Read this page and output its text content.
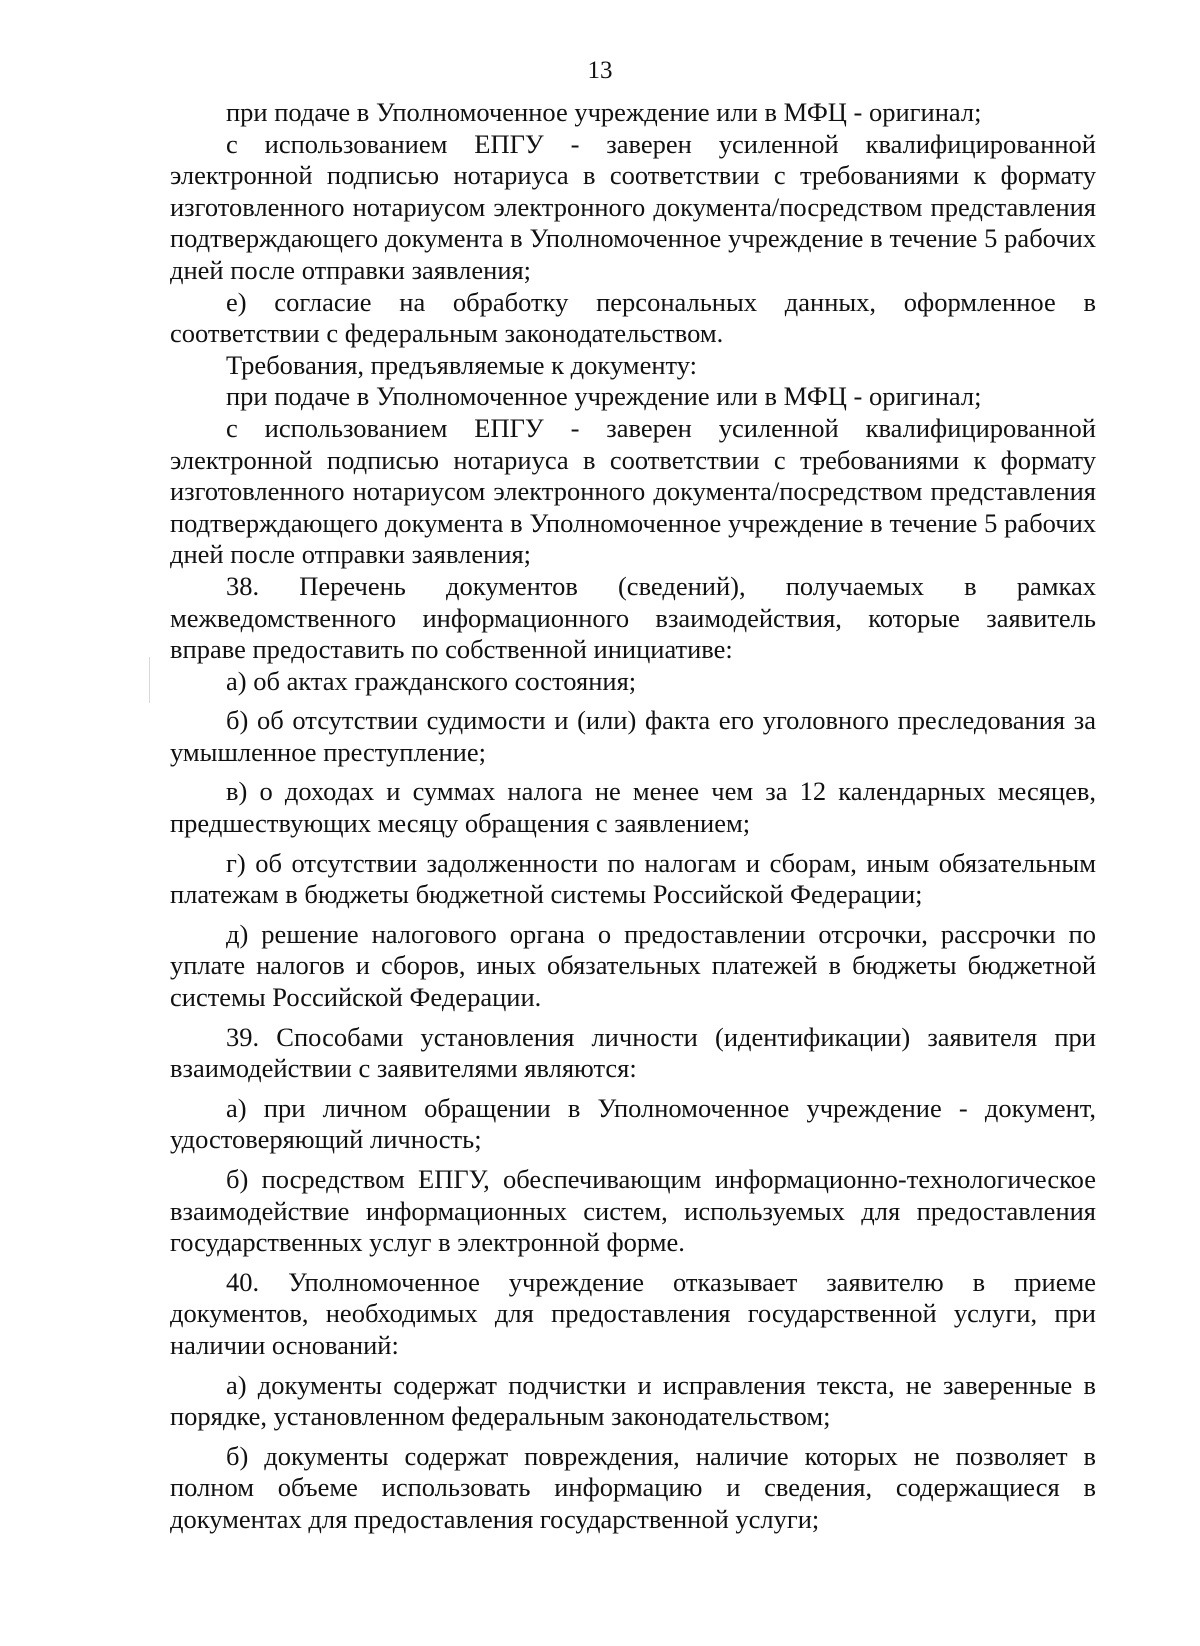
13

при подаче в Уполномоченное учреждение или в МФЦ - оригинал;

с использованием ЕПГУ - заверен усиленной квалифицированной электронной подписью нотариуса в соответствии с требованиями к формату изготовленного нотариусом электронного документа/посредством представления подтверждающего документа в Уполномоченное учреждение в течение 5 рабочих дней после отправки заявления;

е) согласие на обработку персональных данных, оформленное в соответствии с федеральным законодательством.

Требования, предъявляемые к документу:

при подаче в Уполномоченное учреждение или в МФЦ - оригинал;

с использованием ЕПГУ - заверен усиленной квалифицированной электронной подписью нотариуса в соответствии с требованиями к формату изготовленного нотариусом электронного документа/посредством представления подтверждающего документа в Уполномоченное учреждение в течение 5 рабочих дней после отправки заявления;

38. Перечень документов (сведений), получаемых в рамках межведомственного информационного взаимодействия, которые заявитель вправе предоставить по собственной инициативе:

а) об актах гражданского состояния;

б) об отсутствии судимости и (или) факта его уголовного преследования за умышленное преступление;

в) о доходах и суммах налога не менее чем за 12 календарных месяцев, предшествующих месяцу обращения с заявлением;

г) об отсутствии задолженности по налогам и сборам, иным обязательным платежам в бюджеты бюджетной системы Российской Федерации;

д) решение налогового органа о предоставлении отсрочки, рассрочки по уплате налогов и сборов, иных обязательных платежей в бюджеты бюджетной системы Российской Федерации.

39. Способами установления личности (идентификации) заявителя при взаимодействии с заявителями являются:

а) при личном обращении в Уполномоченное учреждение - документ, удостоверяющий личность;

б) посредством ЕПГУ, обеспечивающим информационно-технологическое взаимодействие информационных систем, используемых для предоставления государственных услуг в электронной форме.

40. Уполномоченное учреждение отказывает заявителю в приеме документов, необходимых для предоставления государственной услуги, при наличии оснований:

а) документы содержат подчистки и исправления текста, не заверенные в порядке, установленном федеральным законодательством;

б) документы содержат повреждения, наличие которых не позволяет в полном объеме использовать информацию и сведения, содержащиеся в документах для предоставления государственной услуги;
